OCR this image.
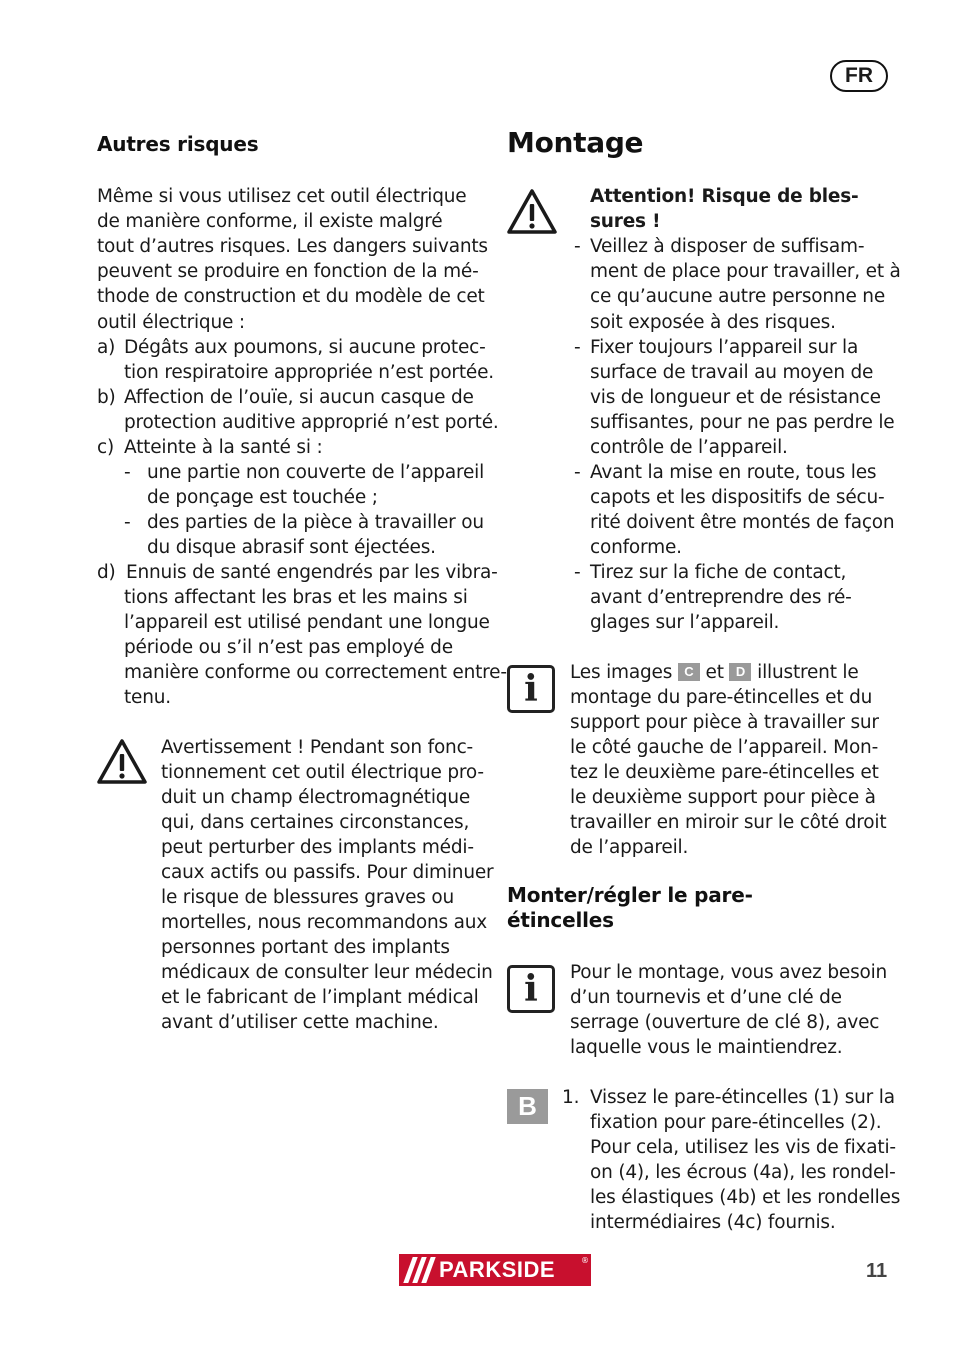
FR
Autres risques
Même si vous utilisez cet outil électrique
de manière conforme, il existe malgré
tout d’autres risques. Les dangers suivants
peuvent se produire en fonction de la mé-
thode de construction et du modèle de cet
outil électrique :
a) Dégâts aux poumons, si aucune protec-
tion respiratoire appropriée n’est portée.
b) Affection de l’ouïe, si aucun casque de
protection auditive approprié n’est porté.
c) Atteinte à la santé si :
- une partie non couverte de l’appareil
de ponçage est touchée ;
- des parties de la pièce à travailler ou
du disque abrasif sont éjectées.
d) Ennuis de santé engendrés par les vibra-
tions affectant les bras et les mains si
l’appareil est utilisé pendant une longue
période ou s’il n’est pas employé de
manière conforme ou correctement entre-
tenu.
Avertissement ! Pendant son fonc-
tionnement cet outil électrique pro-
duit un champ électromagnétique
qui, dans certaines circonstances,
peut perturber des implants médi-
caux actifs ou passifs. Pour diminuer
le risque de blessures graves ou
mortelles, nous recommandons aux
personnes portant des implants
médicaux de consulter leur médecin
et le fabricant de l’implant médical
avant d’utiliser cette machine.
Montage
Attention! Risque de bles-
sures !
- Veillez à disposer de suffisam-
ment de place pour travailler, et à
ce qu’aucune autre personne ne
soit exposée à des risques.
- Fixer toujours l’appareil sur la
surface de travail au moyen de
vis de longueur et de résistance
suffisantes, pour ne pas perdre le
contrôle de l’appareil.
- Avant la mise en route, tous les
capots et les dispositifs de sécu-
rité doivent être montés de façon
conforme.
- Tirez sur la fiche de contact,
avant d’entreprendre des ré-
glages sur l’appareil.
i Les images C et D illustrent le
montage du pare-étincelles et du
support pour pièce à travailler sur
le côté gauche de l’appareil. Mon-
tez le deuxième pare-étincelles et
le deuxième support pour pièce à
travailler en miroir sur le côté droit
de l’appareil.
Monter/régler le pare-
étincelles
i Pour le montage, vous avez besoin
d’un tournevis et d’une clé de
serrage (ouverture de clé 8), avec
laquelle vous le maintiendrez.
B	1. Vissez le pare-étincelles (1) sur la
fixation pour pare-étincelles (2).
Pour cela, utilisez les vis de fixati-
on (4), les écrous (4a), les rondel-
les élastiques (4b) et les rondelles
intermédiaires (4c) fournis.
PARKSIDE	®	11
